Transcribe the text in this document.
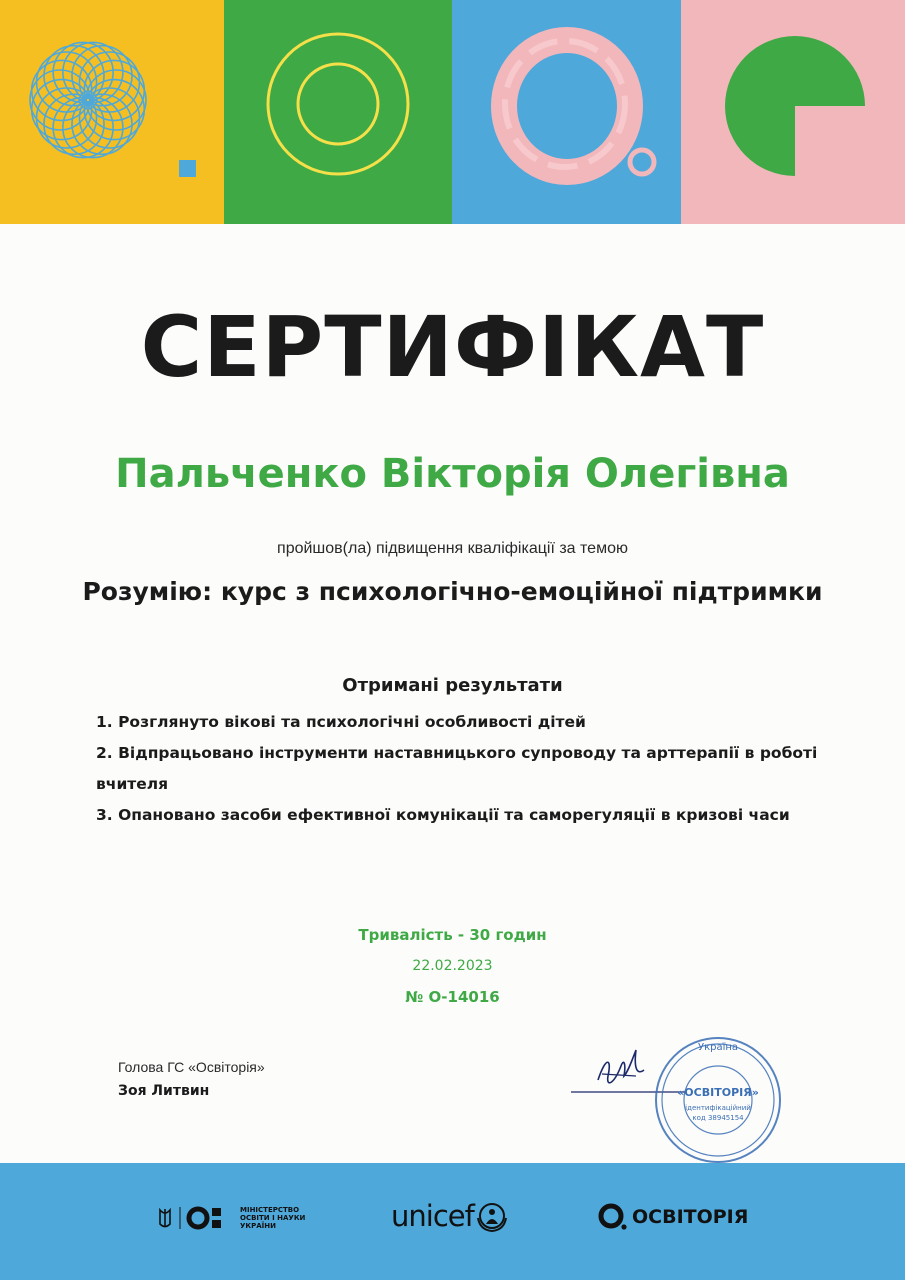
СЕРТИФІКАТ
Пальченко Вікторія Олегівна
пройшов(ла) підвищення кваліфікації за темою
Розумію: курс з психологічно-емоційної підтримки
Отримані результати
1. Розглянуто вікові та психологічні особливості дітей
2. Відпрацьовано інструменти наставницького супроводу та арттерапії в роботі вчителя
3. Опановано засоби ефективної комунікації та саморегуляції в кризові часи
Тривалість - 30 годин
22.02.2023
№ О-14016
Голова ГС «Освіторія»
Зоя Литвин
Україна
«ОСВІТОРІЯ»
ідентифікаційний
код 38945154
МІНІСТЕРСТВО ОСВІТИ І НАУКИ УКРАЇНИ	unicef	ОСВІТОРІЯ
